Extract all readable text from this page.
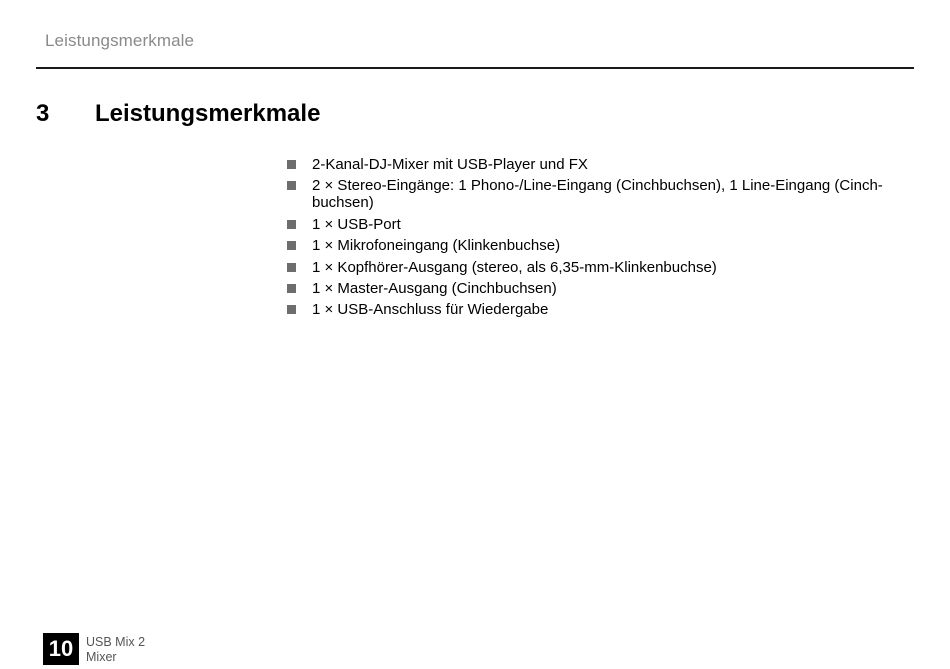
Leistungsmerkmale
3 Leistungsmerkmale
2-Kanal-DJ-Mixer mit USB-Player und FX
2 × Stereo-Eingänge: 1 Phono-/Line-Eingang (Cinchbuchsen), 1 Line-Eingang (Cinch-buchsen)
1 × USB-Port
1 × Mikrofoneingang (Klinkenbuchse)
1 × Kopfhörer-Ausgang (stereo, als 6,35-mm-Klinkenbuchse)
1 × Master-Ausgang (Cinchbuchsen)
1 × USB-Anschluss für Wiedergabe
10	USB Mix 2
Mixer
